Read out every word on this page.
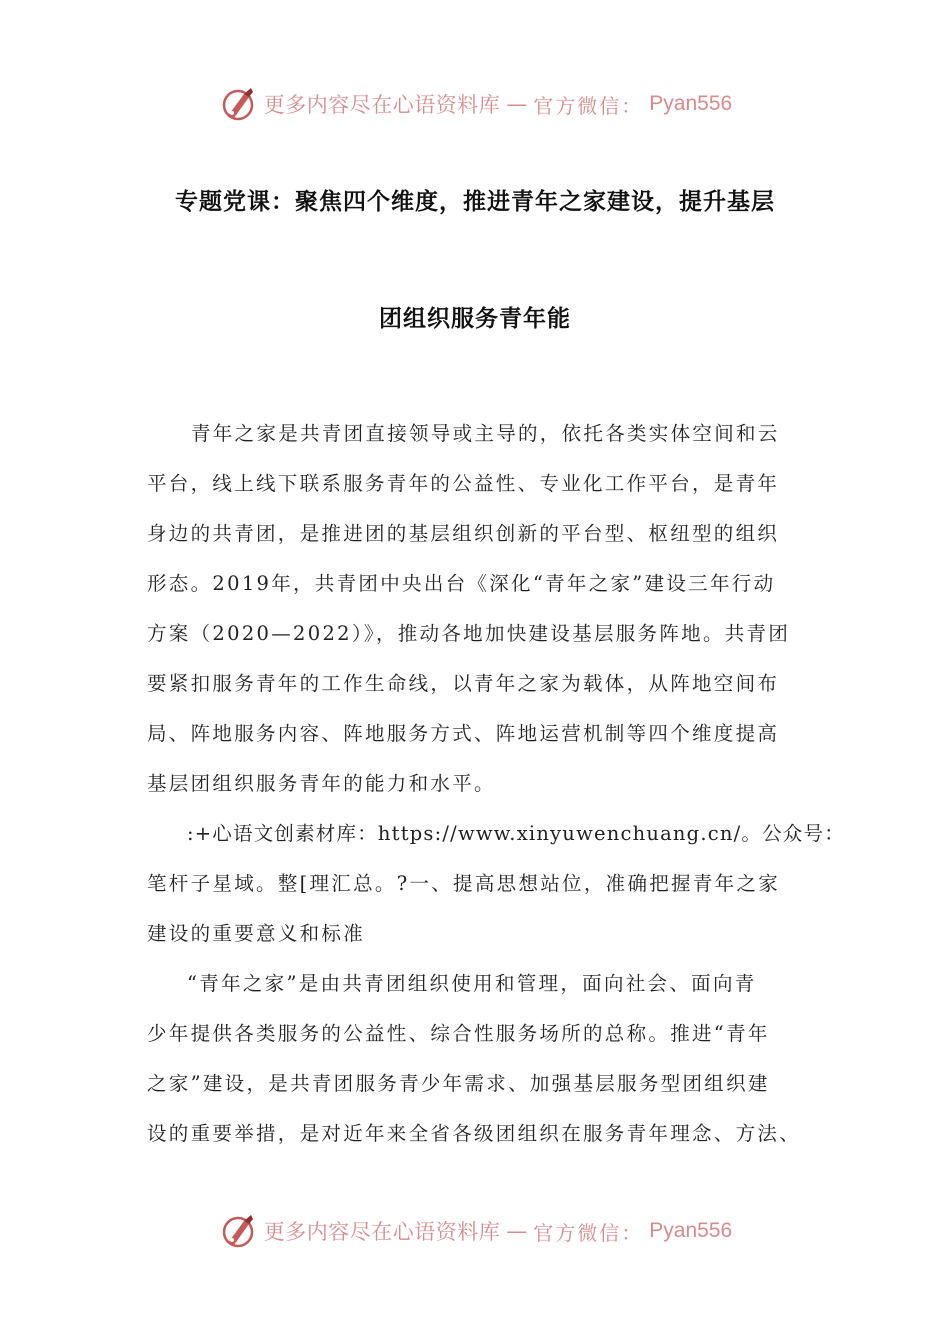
更多内容尽在心语资料库 — 官方微信： Pyan556
专题党课：聚焦四个维度，推进青年之家建设，提升基层
团组织服务青年能
青年之家是共青团直接领导或主导的，依托各类实体空间和云
平台，线上线下联系服务青年的公益性、专业化工作平台，是青年
身边的共青团，是推进团的基层组织创新的平台型、枢纽型的组织
形态。2019年，共青团中央出台《深化“青年之家”建设三年行动
方案（2020—2022）》，推动各地加快建设基层服务阵地。共青团
要紧扣服务青年的工作生命线，以青年之家为载体，从阵地空间布
局、阵地服务内容、阵地服务方式、阵地运营机制等四个维度提高
基层团组织服务青年的能力和水平。
:+心语文创素材库：https://www.xinyuwenchuang.cn/。公众号：
笔杆子星域。整[理汇总。?一、提高思想站位，准确把握青年之家
建设的重要意义和标准
“青年之家”是由共青团组织使用和管理，面向社会、面向青
少年提供各类服务的公益性、综合性服务场所的总称。推进“青年
之家”建设，是共青团服务青少年需求、加强基层服务型团组织建
设的重要举措，是对近年来全省各级团组织在服务青年理念、方法、
更多内容尽在心语资料库 — 官方微信： Pyan556
